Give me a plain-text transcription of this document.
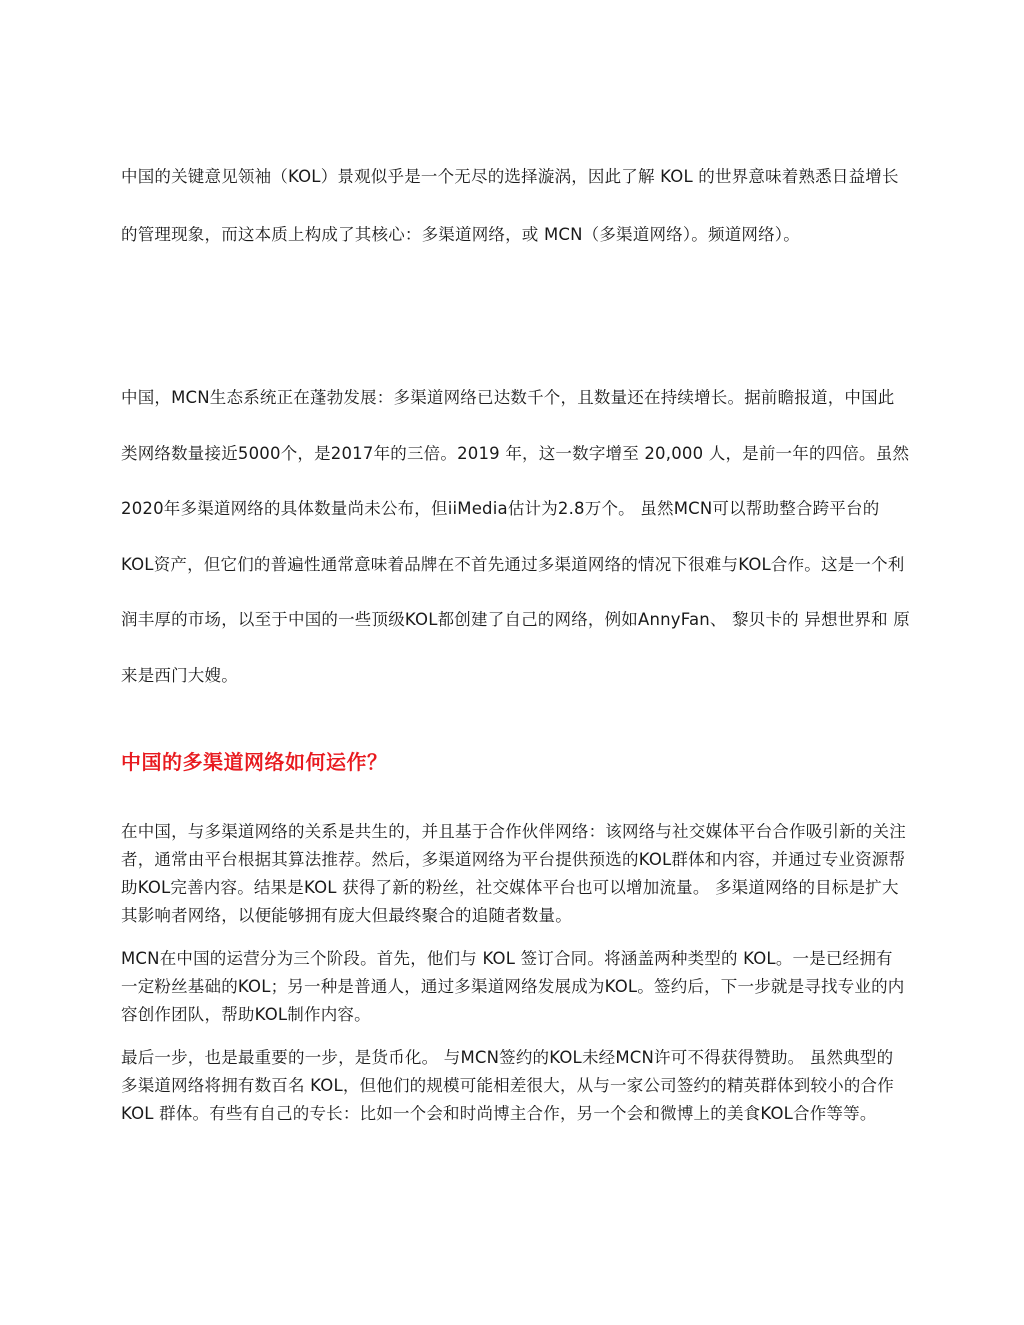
中国的关键意见领袖（KOL）景观似乎是一个无尽的选择漩涡，因此了解 KOL 的世界意味着熟悉日益增长的管理现象，而这本质上构成了其核心：多渠道网络，或 MCN（多渠道网络）。频道网络）。

中国，MCN生态系统正在蓬勃发展：多渠道网络已达数千个，且数量还在持续增长。据前瞻报道，中国此类网络数量接近5000个，是2017年的三倍。2019 年，这一数字增至 20,000 人，是前一年的四倍。虽然2020年多渠道网络的具体数量尚未公布，但iiMedia估计为2.8万个。 虽然MCN可以帮助整合跨平台的KOL资产，但它们的普遍性通常意味着品牌在不首先通过多渠道网络的情况下很难与KOL合作。这是一个利润丰厚的市场，以至于中国的一些顶级KOL都创建了自己的网络，例如AnnyFan、 黎贝卡的 异想世界和 原来是西门大嫂。

中国的多渠道网络如何运作？

在中国，与多渠道网络的关系是共生的，并且基于合作伙伴网络：该网络与社交媒体平台合作吸引新的关注者，通常由平台根据其算法推荐。然后，多渠道网络为平台提供预选的KOL群体和内容，并通过专业资源帮助KOL完善内容。结果是KOL 获得了新的粉丝，社交媒体平台也可以增加流量。 多渠道网络的目标是扩大其影响者网络，以便能够拥有庞大但最终聚合的追随者数量。

MCN在中国的运营分为三个阶段。首先，他们与 KOL 签订合同。将涵盖两种类型的 KOL。一是已经拥有一定粉丝基础的KOL；另一种是普通人，通过多渠道网络发展成为KOL。签约后，下一步就是寻找专业的内容创作团队，帮助KOL制作内容。

最后一步，也是最重要的一步，是货币化。 与MCN签约的KOL未经MCN许可不得获得赞助。 虽然典型的多渠道网络将拥有数百名 KOL，但他们的规模可能相差很大，从与一家公司签约的精英群体到较小的合作 KOL 群体。有些有自己的专长：比如一个会和时尚博主合作，另一个会和微博上的美食KOL合作等等。
